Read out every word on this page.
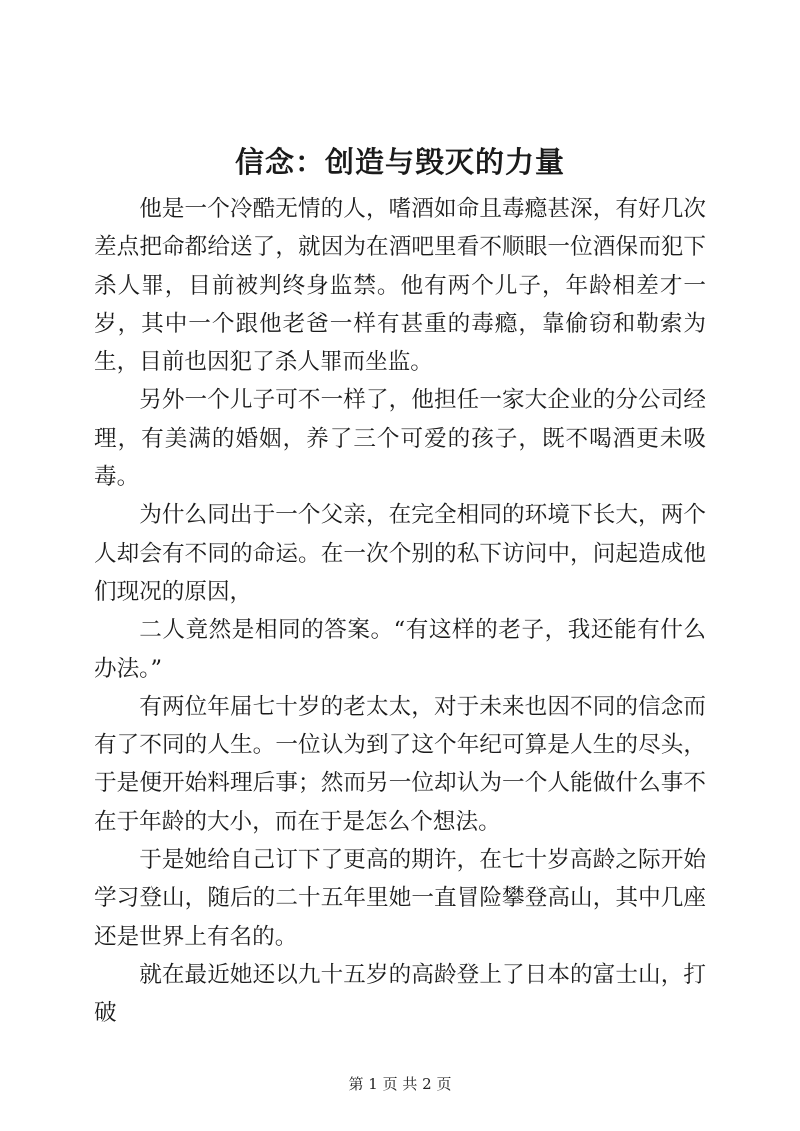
信念：创造与毁灭的力量

他是一个冷酷无情的人，嗜酒如命且毒瘾甚深，有好几次差点把命都给送了，就因为在酒吧里看不顺眼一位酒保而犯下杀人罪，目前被判终身监禁。他有两个儿子，年龄相差才一岁，其中一个跟他老爸一样有甚重的毒瘾，靠偷窃和勒索为生，目前也因犯了杀人罪而坐监。

另外一个儿子可不一样了，他担任一家大企业的分公司经理，有美满的婚姻，养了三个可爱的孩子，既不喝酒更未吸毒。

为什么同出于一个父亲，在完全相同的环境下长大，两个人却会有不同的命运。在一次个别的私下访问中，问起造成他们现况的原因，

二人竟然是相同的答案。“有这样的老子，我还能有什么办法。”

有两位年届七十岁的老太太，对于未来也因不同的信念而有了不同的人生。一位认为到了这个年纪可算是人生的尽头，于是便开始料理后事；然而另一位却认为一个人能做什么事不在于年龄的大小，而在于是怎么个想法。

于是她给自己订下了更高的期许，在七十岁高龄之际开始学习登山，随后的二十五年里她一直冒险攀登高山，其中几座还是世界上有名的。

就在最近她还以九十五岁的高龄登上了日本的富士山，打破

第 1 页 共 2 页
